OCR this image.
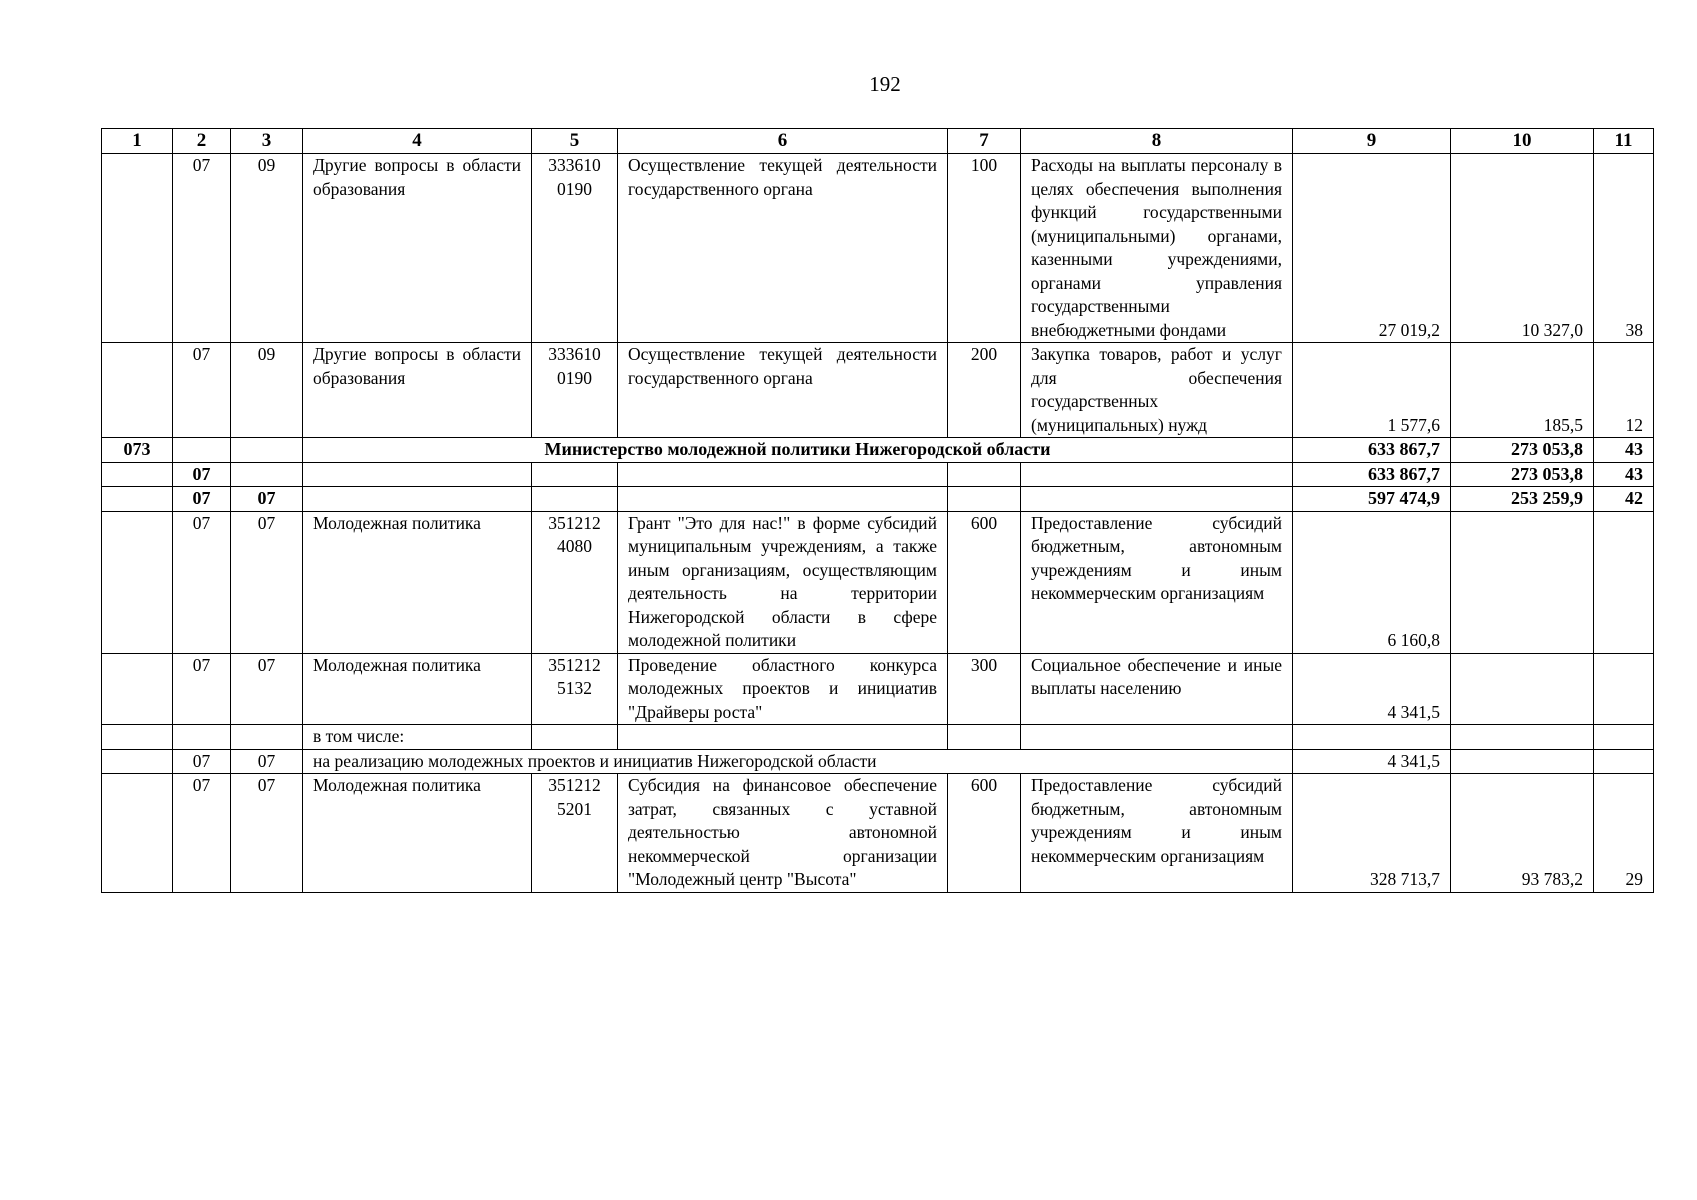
192
1	2	3	4	5	6	7	8	9	10	11
	07	09	Другие вопросы в области образования	333610 0190	Осуществление текущей деятельности государственного органа	100	Расходы на выплаты персоналу в целях обеспечения выполнения функций государственными (муниципальными) органами, казенными учреждениями, органами управления государственными внебюджетными фондами	27 019,2	10 327,0	38
	07	09	Другие вопросы в области образования	333610 0190	Осуществление текущей деятельности государственного органа	200	Закупка товаров, работ и услуг для обеспечения государственных (муниципальных) нужд	1 577,6	185,5	12
073			Министерство молодежной политики Нижегородской области					633 867,7	273 053,8	43
	07							633 867,7	273 053,8	43
	07	07						597 474,9	253 259,9	42
	07	07	Молодежная политика	351212 4080	Грант "Это для нас!" в форме субсидий муниципальным учреждениям, а также иным организациям, осуществляющим деятельность на территории Нижегородской области в сфере молодежной политики	600	Предоставление субсидий бюджетным, автономным учреждениям и иным некоммерческим организациям	6 160,8		
	07	07	Молодежная политика	351212 5132	Проведение областного конкурса молодежных проектов и инициатив "Драйверы роста"	300	Социальное обеспечение и иные выплаты населению	4 341,5		
			в том числе:							
	07	07	на реализацию молодежных проектов и инициатив Нижегородской области					4 341,5		
	07	07	Молодежная политика	351212 5201	Субсидия на финансовое обеспечение затрат, связанных с уставной деятельностью автономной некоммерческой организации "Молодежный центр "Высота"	600	Предоставление субсидий бюджетным, автономным учреждениям и иным некоммерческим организациям	328 713,7	93 783,2	29
